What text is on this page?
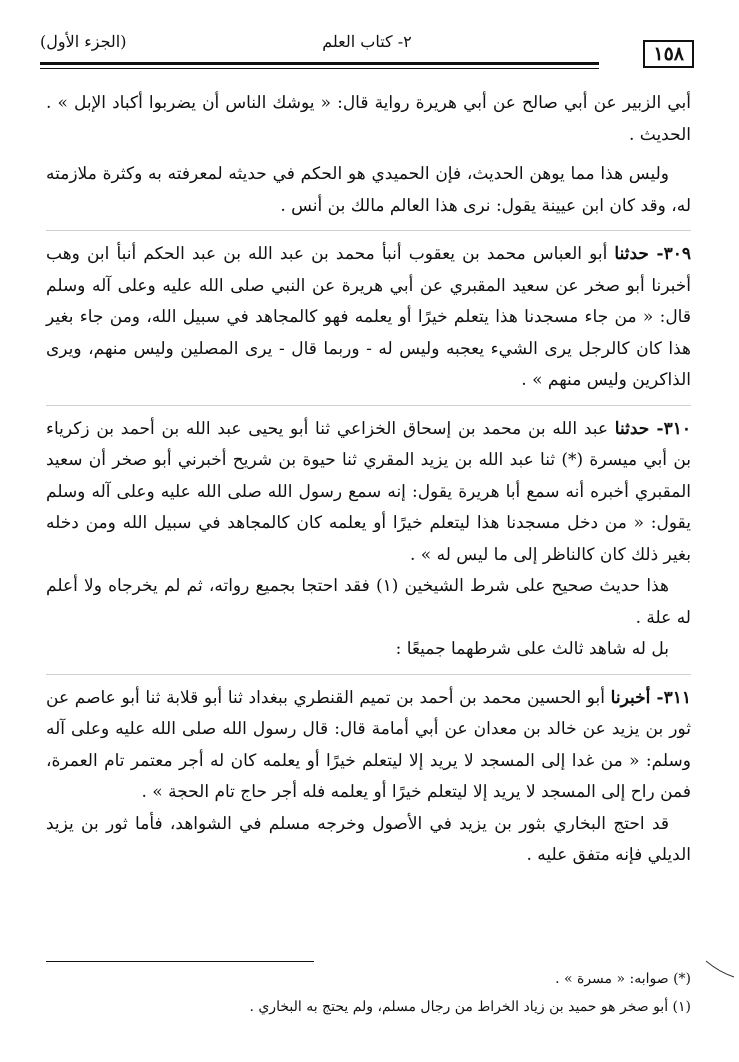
(الجزء الأول)	٢- كتاب العلم
١٥٨

أبي الزبير عن أبي صالح عن أبي هريرة رواية قال: « يوشك الناس أن يضربوا أكباد الإبل » . الحديث .

وليس هذا مما يوهن الحديث، فإن الحميدي هو الحكم في حديثه لمعرفته به وكثرة ملازمته له، وقد كان ابن عيينة يقول: نرى هذا العالم مالك بن أنس .

٣٠٩- حدثنا أبو العباس محمد بن يعقوب أنبأ محمد بن عبد الله بن عبد الحكم أنبأ ابن وهب أخبرنا أبو صخر عن سعيد المقبري عن أبي هريرة عن النبي صلى الله عليه وعلى آله وسلم قال: « من جاء مسجدنا هذا يتعلم خيرًا أو يعلمه فهو كالمجاهد في سبيل الله، ومن جاء بغير هذا كان كالرجل يرى الشيء يعجبه وليس له - وربما قال - يرى المصلين وليس منهم، ويرى الذاكرين وليس منهم » .

٣١٠- حدثنا عبد الله بن محمد بن إسحاق الخزاعي ثنا أبو يحيى عبد الله بن أحمد بن زكرياء بن أبي ميسرة (*) ثنا عبد الله بن يزيد المقري ثنا حيوة بن شريح أخبرني أبو صخر أن سعيد المقبري أخبره أنه سمع أبا هريرة يقول: إنه سمع رسول الله صلى الله عليه وعلى آله وسلم يقول: « من دخل مسجدنا هذا ليتعلم خيرًا أو يعلمه كان كالمجاهد في سبيل الله ومن دخله بغير ذلك كان كالناظر إلى ما ليس له » .

هذا حديث صحيح على شرط الشيخين (١) فقد احتجا بجميع رواته، ثم لم يخرجاه ولا أعلم له علة .

بل له شاهد ثالث على شرطهما جميعًا :

٣١١- أخبرنا أبو الحسين محمد بن أحمد بن تميم القنطري ببغداد ثنا أبو قلابة ثنا أبو عاصم عن ثور بن يزيد عن خالد بن معدان عن أبي أمامة قال: قال رسول الله صلى الله عليه وعلى آله وسلم: « من غدا إلى المسجد لا يريد إلا ليتعلم خيرًا أو يعلمه كان له أجر معتمر تام العمرة، فمن راح إلى المسجد لا يريد إلا ليتعلم خيرًا أو يعلمه فله أجر حاج تام الحجة » .

قد احتج البخاري بثور بن يزيد في الأصول وخرجه مسلم في الشواهد، فأما ثور بن يزيد الديلي فإنه متفق عليه .

(*) صوابه: « مسرة » .

(١) أبو صخر هو حميد بن زياد الخراط من رجال مسلم، ولم يحتج به البخاري .
